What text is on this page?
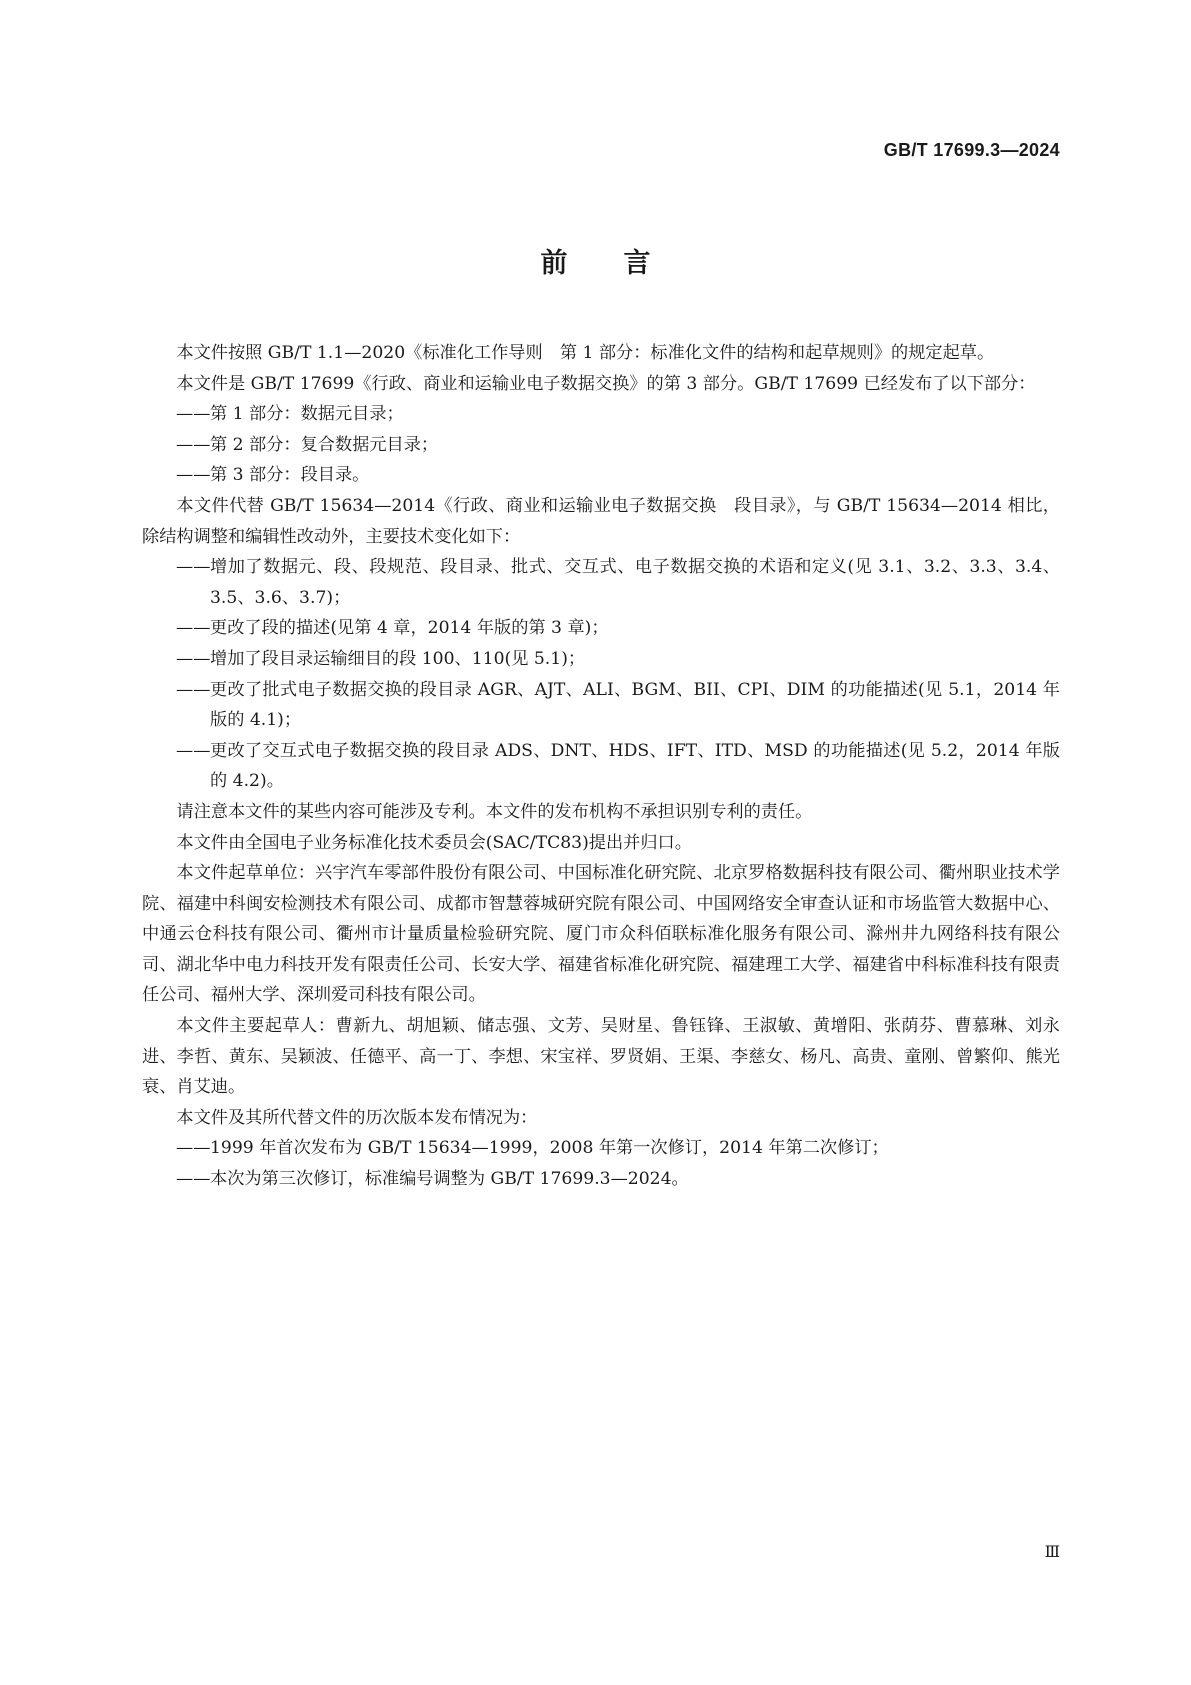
GB/T 17699.3—2024
前言

本文件按照 GB/T 1.1—2020《标准化工作导则　第 1 部分：标准化文件的结构和起草规则》的规定起草。

本文件是 GB/T 17699《行政、商业和运输业电子数据交换》的第 3 部分。GB/T 17699 已经发布了以下部分：

—— 第 1 部分：数据元目录；

—— 第 2 部分：复合数据元目录；

—— 第 3 部分：段目录。

本文件代替 GB/T 15634—2014《行政、商业和运输业电子数据交换　段目录》，与 GB/T 15634—2014 相比，除结构调整和编辑性改动外，主要技术变化如下：

—— 增加了数据元、段、段规范、段目录、批式、交互式、电子数据交换的术语和定义(见 3.1、3.2、3.3、3.4、3.5、3.6、3.7)；

—— 更改了段的描述(见第 4 章，2014 年版的第 3 章)；

—— 增加了段目录运输细目的段 100、110(见 5.1)；

—— 更改了批式电子数据交换的段目录 AGR、AJT、ALI、BGM、BII、CPI、DIM 的功能描述(见 5.1，2014 年版的 4.1)；

—— 更改了交互式电子数据交换的段目录 ADS、DNT、HDS、IFT、ITD、MSD 的功能描述(见 5.2，2014 年版的 4.2)。

请注意本文件的某些内容可能涉及专利。本文件的发布机构不承担识别专利的责任。

本文件由全国电子业务标准化技术委员会(SAC/TC83)提出并归口。

本文件起草单位：兴宇汽车零部件股份有限公司、中国标准化研究院、北京罗格数据科技有限公司、衢州职业技术学院、福建中科闽安检测技术有限公司、成都市智慧蓉城研究院有限公司、中国网络安全审查认证和市场监管大数据中心、中通云仓科技有限公司、衢州市计量质量检验研究院、厦门市众科佰联标准化服务有限公司、滁州井九网络科技有限公司、湖北华中电力科技开发有限责任公司、长安大学、福建省标准化研究院、福建理工大学、福建省中科标准科技有限责任公司、福州大学、深圳爱司科技有限公司。

本文件主要起草人：曹新九、胡旭颖、储志强、文芳、吴财星、鲁钰锋、王淑敏、黄增阳、张荫芬、曹慕琳、刘永进、李哲、黄东、吴颖波、任德平、高一丁、李想、宋宝祥、罗贤娟、王渠、李慈女、杨凡、高贵、童刚、曾繁仰、熊光衰、肖艾迪。

本文件及其所代替文件的历次版本发布情况为：

—— 1999 年首次发布为 GB/T 15634—1999，2008 年第一次修订，2014 年第二次修订；

—— 本次为第三次修订，标准编号调整为 GB/T 17699.3—2024。

Ⅲ
